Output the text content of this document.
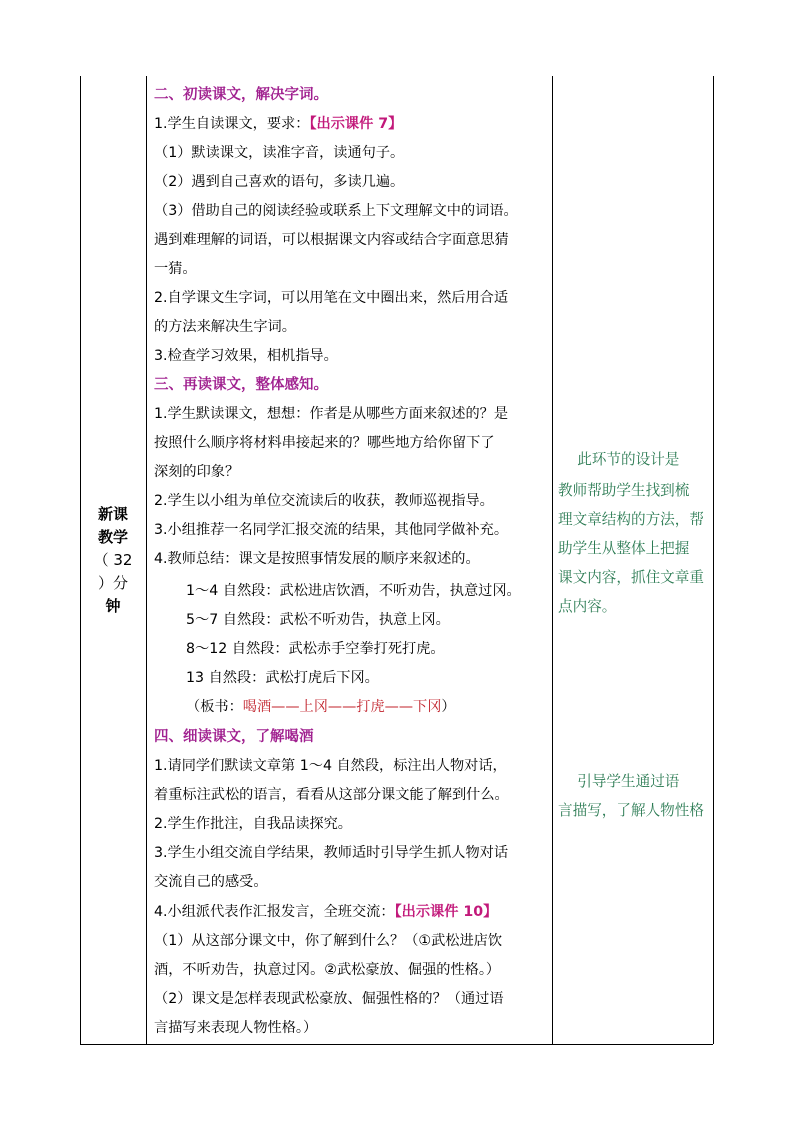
新课
教学
（ 32
）分
钟
二、初读课文，解决字词。
1.学生自读课文，要求：【出示课件 7】
（1）默读课文，读准字音，读通句子。
（2）遇到自己喜欢的语句，多读几遍。
（3）借助自己的阅读经验或联系上下文理解文中的词语。
遇到难理解的词语，可以根据课文内容或结合字面意思猜
一猜。
2.自学课文生字词，可以用笔在文中圈出来，然后用合适
的方法来解决生字词。
3.检查学习效果，相机指导。
三、再读课文，整体感知。
1.学生默读课文，想想：作者是从哪些方面来叙述的？是
按照什么顺序将材料串接起来的？哪些地方给你留下了
深刻的印象？
2.学生以小组为单位交流读后的收获，教师巡视指导。
3.小组推荐一名同学汇报交流的结果，其他同学做补充。
4.教师总结：课文是按照事情发展的顺序来叙述的。
1～4 自然段：武松进店饮酒，不听劝告，执意过冈。
5～7 自然段：武松不听劝告，执意上冈。
8～12 自然段：武松赤手空拳打死打虎。
13 自然段：武松打虎后下冈。
（板书：喝酒——上冈——打虎——下冈）
四、细读课文，了解喝酒
1.请同学们默读文章第 1～4 自然段，标注出人物对话，
着重标注武松的语言，看看从这部分课文能了解到什么。
2.学生作批注，自我品读探究。
3.学生小组交流自学结果，教师适时引导学生抓人物对话
交流自己的感受。
4.小组派代表作汇报发言，全班交流：【出示课件 10】
（1）从这部分课文中，你了解到什么？（①武松进店饮
酒，不听劝告，执意过冈。②武松豪放、倔强的性格。）
（2）课文是怎样表现武松豪放、倔强性格的？（通过语
言描写来表现人物性格。）
　 此环节的设计是
教师帮助学生找到梳
理文章结构的方法，帮
助学生从整体上把握
课文内容，抓住文章重
点内容。
　 引导学生通过语
言描写，了解人物性格
